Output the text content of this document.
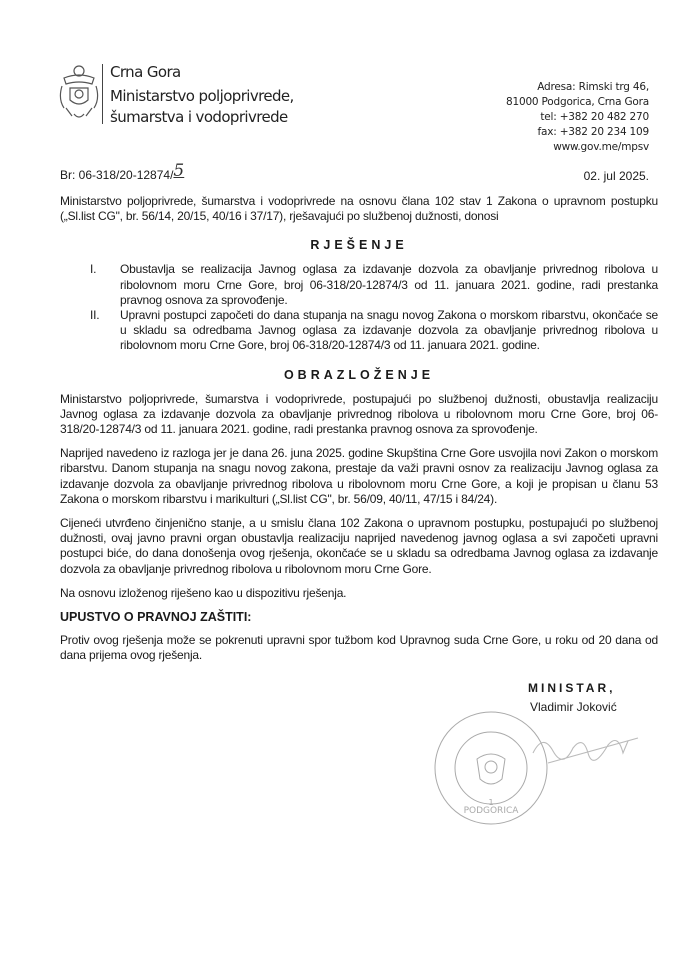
Crna Gora
Ministarstvo poljoprivrede,
šumarstva i vodoprivrede
Adresa: Rimski trg 46,
81000 Podgorica, Crna Gora
tel: +382 20 482 270
fax: +382 20 234 109
www.gov.me/mpsv
Br: 06-318/20-12874/5	02. jul 2025.
Ministarstvo poljoprivrede, šumarstva i vodoprivrede na osnovu člana 102 stav 1 Zakona o upravnom postupku („Sl.list CG", br. 56/14, 20/15, 40/16 i 37/17), rješavajući po službenoj dužnosti, donosi
RJEŠENJE
I. Obustavlja se realizacija Javnog oglasa za izdavanje dozvola za obavljanje privrednog ribolova u ribolovnom moru Crne Gore, broj 06-318/20-12874/3 od 11. januara 2021. godine, radi prestanka pravnog osnova za sprovođenje.
II. Upravni postupci započeti do dana stupanja na snagu novog Zakona o morskom ribarstvu, okončaće se u skladu sa odredbama Javnog oglasa za izdavanje dozvola za obavljanje privrednog ribolova u ribolovnom moru Crne Gore, broj 06-318/20-12874/3 od 11. januara 2021. godine.
OBRAZLOŽENJE
Ministarstvo poljoprivrede, šumarstva i vodoprivrede, postupajući po službenoj dužnosti, obustavlja realizaciju Javnog oglasa za izdavanje dozvola za obavljanje privrednog ribolova u ribolovnom moru Crne Gore, broj 06-318/20-12874/3 od 11. januara 2021. godine, radi prestanka pravnog osnova za sprovođenje.
Naprijed navedeno iz razloga jer je dana 26. juna 2025. godine Skupština Crne Gore usvojila novi Zakon o morskom ribarstvu. Danom stupanja na snagu novog zakona, prestaje da važi pravni osnov za realizaciju Javnog oglasa za izdavanje dozvola za obavljanje privrednog ribolova u ribolovnom moru Crne Gore, a koji je propisan u članu 53 Zakona o morskom ribarstvu i marikulturi („Sl.list CG", br. 56/09, 40/11, 47/15 i 84/24).
Cijeneći utvrđeno činjenično stanje, a u smislu člana 102 Zakona o upravnom postupku, postupajući po službenoj dužnosti, ovaj javno pravni organ obustavlja realizaciju naprijed navedenog javnog oglasa a svi započeti upravni postupci biće, do dana donošenja ovog rješenja, okončaće se u skladu sa odredbama Javnog oglasa za izdavanje dozvola za obavljanje privrednog ribolova u ribolovnom moru Crne Gore.
Na osnovu izloženog riješeno kao u dispozitivu rješenja.
UPUSTVO O PRAVNOJ ZAŠTITI:
Protiv ovog rješenja može se pokrenuti upravni spor tužbom kod Upravnog suda Crne Gore, u roku od 20 dana od dana prijema ovog rješenja.
PODGORICA
1
MINISTAR,
Vladimir Joković
